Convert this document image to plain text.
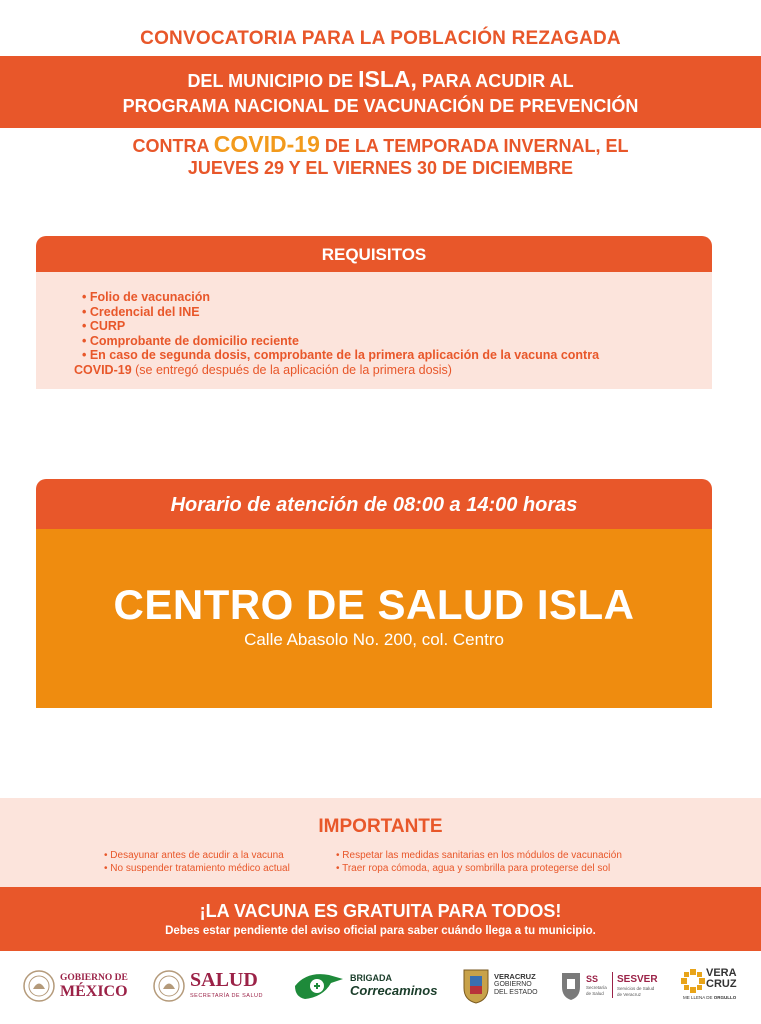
CONVOCATORIA PARA LA POBLACIÓN REZAGADA
DEL MUNICIPIO DE ISLA, PARA ACUDIR AL
PROGRAMA NACIONAL DE VACUNACIÓN DE PREVENCIÓN
CONTRA COVID-19 DE LA TEMPORADA INVERNAL, EL
JUEVES 29 Y EL VIERNES 30 DE DICIEMBRE
REQUISITOS
• Folio de vacunación
• Credencial del INE
• CURP
• Comprobante de domicilio reciente
• En caso de segunda dosis, comprobante de la primera aplicación de la vacuna contra
COVID-19 (se entregó después de la aplicación de la primera dosis)
Horario de atención de 08:00 a 14:00 horas
CENTRO DE SALUD ISLA
Calle Abasolo No. 200, col. Centro
IMPORTANTE
• Desayunar antes de acudir a la vacuna
• No suspender tratamiento médico actual
• Respetar las medidas sanitarias en los módulos de vacunación
• Traer ropa cómoda, agua y sombrilla para protegerse del sol
¡LA VACUNA ES GRATUITA PARA TODOS!
Debes estar pendiente del aviso oficial para saber cuándo llega a tu municipio.
GOBIERNO DE
MÉXICO
SALUD
SECRETARÍA DE SALUD
BRIGADA
Correcaminos
VERACRUZ
GOBIERNO
DEL ESTADO
SS
Secretaría
de Salud
SESVER
Servicios de Salud
de Veracruz
VERA
CRUZ
ME LLENA DE ORGULLO
